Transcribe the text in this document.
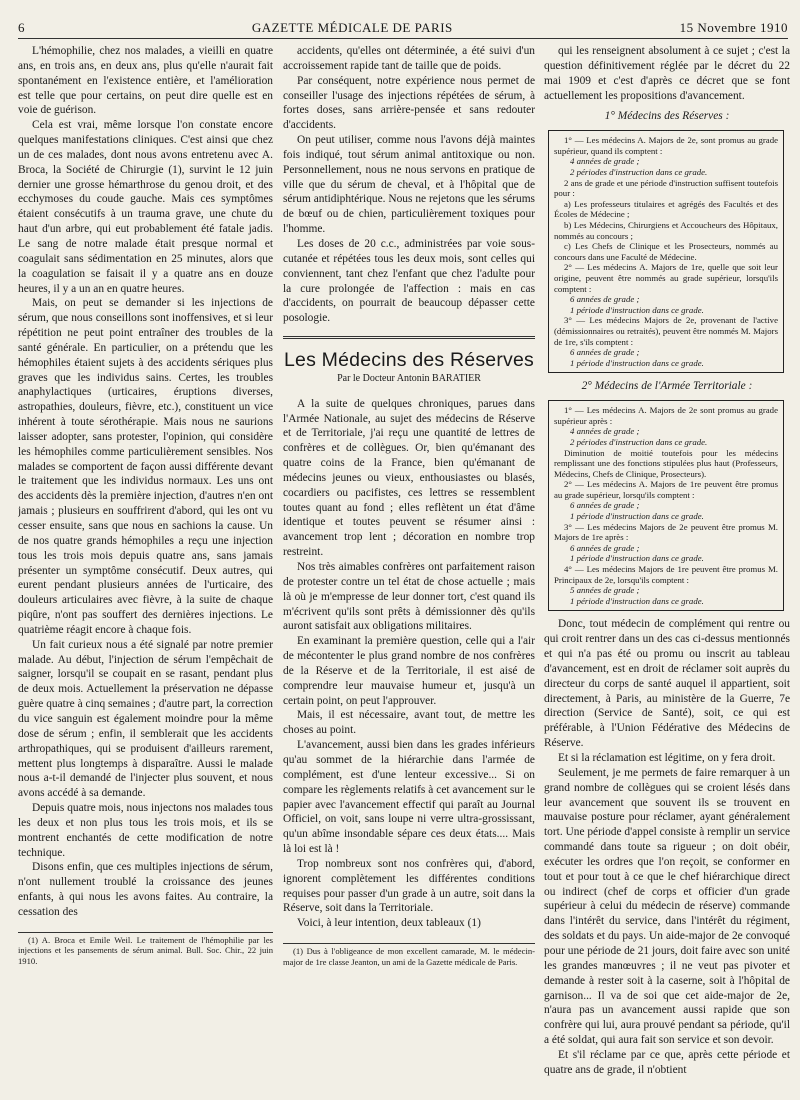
6	GAZETTE MÉDICALE DE PARIS	15 Novembre 1910

L'hémophilie, chez nos malades, a vieilli en quatre ans, en trois ans, en deux ans, plus qu'elle n'aurait fait spontanément en l'existence entière, et l'amélioration est telle que pour certains, on peut dire quelle est en voie de guérison.

Cela est vrai, même lorsque l'on constate encore quelques manifestations cliniques. C'est ainsi que chez un de ces malades, dont nous avons entretenu avec A. Broca, la Société de Chirurgie (1), survint le 12 juin dernier une grosse hémarthrose du genou droit, et des ecchymoses du coude gauche. Mais ces symptômes étaient consécutifs à un trauma grave, une chute du haut d'un arbre, qui eut probablement été fatale jadis. Le sang de notre malade était presque normal et coagulait sans sédimentation en 25 minutes, alors que la coagulation se faisait il y a quatre ans en douze heures, il y a un an en quatre heures.

Mais, on peut se demander si les injections de sérum, que nous conseillons sont inoffensives, et si leur répétition ne peut point entraîner des troubles de la santé générale. En particulier, on a prétendu que les hémophiles étaient sujets à des accidents sériques plus graves que les individus sains. Certes, les troubles anaphylactiques (urticaires, éruptions diverses, astropathies, douleurs, fièvre, etc.), constituent un vice inhérent à toute sérothérapie. Mais nous ne saurions laisser adopter, sans protester, l'opinion, qui considère les hémophiles comme particulièrement sensibles. Nos malades se comportent de façon aussi différente devant le traitement que les individus normaux. Les uns ont des accidents dès la première injection, d'autres n'en ont jamais ; plusieurs en souffrirent d'abord, qui les ont vu cesser ensuite, sans que nous en sachions la cause. Un de nos quatre grands hémophiles a reçu une injection tous les trois mois depuis quatre ans, sans jamais présenter un symptôme consécutif. Deux autres, qui eurent pendant plusieurs années de l'urticaire, des douleurs articulaires avec fièvre, à la suite de chaque piqûre, n'ont pas souffert des dernières injections. Le quatrième réagit encore à chaque fois.

Un fait curieux nous a été signalé par notre premier malade. Au début, l'injection de sérum l'empêchait de saigner, lorsqu'il se coupait en se rasant, pendant plus de deux mois. Actuellement la préservation ne dépasse guère quatre à cinq semaines ; d'autre part, la correction du vice sanguin est également moindre pour la même dose de sérum ; enfin, il semblerait que les accidents arthropathiques, qui se produisent d'ailleurs rarement, mettent plus longtemps à disparaître. Aussi le malade nous a-t-il demandé de l'injecter plus souvent, et nous avons accédé à sa demande.

Depuis quatre mois, nous injectons nos malades tous les deux et non plus tous les trois mois, et ils se montrent enchantés de cette modification de notre technique.

Disons enfin, que ces multiples injections de sérum, n'ont nullement troublé la croissance des jeunes enfants, à qui nous les avons faites. Au contraire, la cessation des

(1) A. Broca et Emile Weil. Le traitement de l'hémophilie par les injections et les pansements de sérum animal. Bull. Soc. Chir., 22 juin 1910.

accidents, qu'elles ont déterminée, a été suivi d'un accroissement rapide tant de taille que de poids.

Par conséquent, notre expérience nous permet de conseiller l'usage des injections répétées de sérum, à fortes doses, sans arrière-pensée et sans redouter d'accidents.

On peut utiliser, comme nous l'avons déjà maintes fois indiqué, tout sérum animal antitoxique ou non. Personnellement, nous ne nous servons en pratique de ville que du sérum de cheval, et à l'hôpital que de sérum antidiphtérique. Nous ne rejetons que les sérums de bœuf ou de chien, particulièrement toxiques pour l'homme.

Les doses de 20 c.c., administrées par voie sous-cutanée et répétées tous les deux mois, sont celles qui conviennent, tant chez l'enfant que chez l'adulte pour la cure prolongée de l'affection : mais en cas d'accidents, on pourrait de beaucoup dépasser cette posologie.

Les Médecins des Réserves
Par le Docteur Antonin BARATIER

A la suite de quelques chroniques, parues dans l'Armée Nationale, au sujet des médecins de Réserve et de Territoriale, j'ai reçu une quantité de lettres de confrères et de collègues. Or, bien qu'émanant des quatre coins de la France, bien qu'émanant de médecins jeunes ou vieux, enthousiastes ou blasés, cocardiers ou pacifistes, ces lettres se ressemblent toutes quant au fond ; elles reflètent un état d'âme identique et toutes peuvent se résumer ainsi : avancement trop lent ; décoration en nombre trop restreint.

Nos très aimables confrères ont parfaitement raison de protester contre un tel état de chose actuelle ; mais là où je m'empresse de leur donner tort, c'est quand ils m'écrivent qu'ils sont prêts à démissionner dès qu'ils auront satisfait aux obligations militaires.

En examinant la première question, celle qui a l'air de mécontenter le plus grand nombre de nos confrères de la Réserve et de la Territoriale, il est aisé de comprendre leur mauvaise humeur et, jusqu'à un certain point, on peut l'approuver.

Mais, il est nécessaire, avant tout, de mettre les choses au point.

L'avancement, aussi bien dans les grades inférieurs qu'au sommet de la hiérarchie dans l'armée de complément, est d'une lenteur excessive... Si on compare les règlements relatifs à cet avancement sur le papier avec l'avancement effectif qui paraît au Journal Officiel, on voit, sans loupe ni verre ultra-grossissant, qu'un abîme insondable sépare ces deux états.... Mais là loi est là !

Trop nombreux sont nos confrères qui, d'abord, ignorent complètement les différentes conditions requises pour passer d'un grade à un autre, soit dans la Réserve, soit dans la Territoriale.

Voici, à leur intention, deux tableaux (1)

(1) Dus à l'obligeance de mon excellent camarade, M. le médecin-major de 1re classe Jeanton, un ami de la Gazette médicale de Paris.

qui les renseignent absolument à ce sujet ; c'est la question définitivement réglée par le décret du 22 mai 1909 et c'est d'après ce décret que se font actuellement les propositions d'avancement.

1° Médecins des Réserves :
1° — Les médecins A. Majors de 2e, sont promus au grade supérieur, quand ils comptent :
4 années de grade ;
2 périodes d'instruction dans ce grade.
2 ans de grade et une période d'instruction suffisent toutefois pour :
a) Les professeurs titulaires et agrégés des Facultés et des Écoles de Médecine ;
b) Les Médecins, Chirurgiens et Accoucheurs des Hôpitaux, nommés au concours ;
c) Les Chefs de Clinique et les Prosecteurs, nommés au concours dans une Faculté de Médecine.
2° — Les médecins A. Majors de 1re, quelle que soit leur origine, peuvent être nommés au grade supérieur, lorsqu'ils comptent :
6 années de grade ;
1 période d'instruction dans ce grade.
3° — Les médecins Majors de 2e, provenant de l'active (démissionnaires ou retraités), peuvent être nommés M. Majors de 1re, s'ils comptent :
6 années de grade ;
1 période d'instruction dans ce grade.
2° Médecins de l'Armée Territoriale :
1° — Les médecins A. Majors de 2e sont promus au grade supérieur après :
4 années de grade ;
2 périodes d'instruction dans ce grade.
Diminution de moitié toutefois pour les médecins remplissant une des fonctions stipulées plus haut (Professeurs, Médecins, Chefs de Clinique, Prosecteurs).
2° — Les médecins A. Majors de 1re peuvent être promus au grade supérieur, lorsqu'ils comptent :
6 années de grade ;
1 période d'instruction dans ce grade.
3° — Les médecins Majors de 2e peuvent être promus M. Majors de 1re après :
6 années de grade ;
1 période d'instruction dans ce grade.
4° — Les médecins Majors de 1re peuvent être promus M. Principaux de 2e, lorsqu'ils comptent :
5 années de grade ;
1 période d'instruction dans ce grade.

Donc, tout médecin de complément qui rentre ou qui croit rentrer dans un des cas ci-dessus mentionnés et qui n'a pas été ou promu ou inscrit au tableau d'avancement, est en droit de réclamer soit auprès du directeur du corps de santé auquel il appartient, soit directement, à Paris, au ministère de la Guerre, 7e direction (Service de Santé), soit, ce qui est préférable, à l'Union Fédérative des Médecins de Réserve.

Et si la réclamation est légitime, on y fera droit.

Seulement, je me permets de faire remarquer à un grand nombre de collègues qui se croient lésés dans leur avancement que souvent ils se trouvent en mauvaise posture pour réclamer, ayant généralement tort. Une période d'appel consiste à remplir un service commandé dans toute sa rigueur ; on doit obéir, exécuter les ordres que l'on reçoit, se conformer en tout et pour tout à ce que le chef hiérarchique direct ou indirect (chef de corps et officier d'un grade supérieur à celui du médecin de réserve) commande dans l'intérêt du service, dans l'intérêt du régiment, des soldats et du pays. Un aide-major de 2e convoqué pour une période de 21 jours, doit faire avec son unité les grandes manœuvres ; il ne veut pas pivoter et demande à rester soit à la caserne, soit à l'hôpital de garnison... Il va de soi que cet aide-major de 2e, n'aura pas un avancement aussi rapide que son confrère qui lui, aura prouvé pendant sa période, qu'il a été soldat, qui aura fait son service et son devoir.

Et s'il réclame par ce que, après cette période et quatre ans de grade, il n'obtient
